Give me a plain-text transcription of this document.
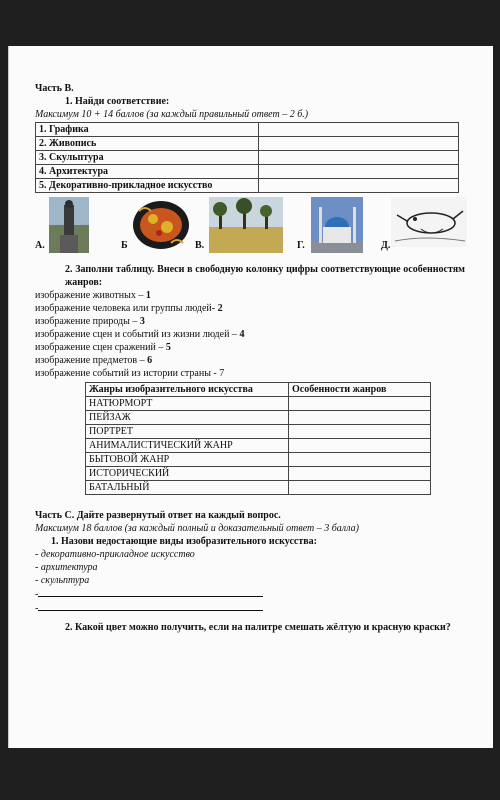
Часть В.
1. Найди соответствие:
Максимум 10 + 14 баллов (за каждый правильный ответ – 2 б.)
1. Графика	
2. Живопись	
3. Скульптура	
4. Архитектура	
5. Декоративно-прикладное искусство	
А.	Б	В.	Г.	Д.

2. Заполни таблицу. Внеси в свободную колонку цифры соответствующие особенностям жанров:

изображение животных – 1
изображение человека или группы людей- 2
изображение природы – 3
изображение сцен и событий из жизни людей – 4
изображение сцен сражений – 5
изображение предметов – 6
изображение событий из истории страны - 7
Жанры изобразительного искусства	Особенности жанров
НАТЮРМОРТ	
ПЕЙЗАЖ	
ПОРТРЕТ	
АНИМАЛИСТИЧЕСКИЙ ЖАНР	
БЫТОВОЙ ЖАНР	
ИСТОРИЧЕСКИЙ	
БАТАЛЬНЫЙ	
Часть С. Дайте развернутый ответ на каждый вопрос.
Максимум 18 баллов (за каждый полный и доказательный ответ – 3 балла)
1. Назови недостающие виды изобразительного искусства:
- декоративно-прикладное искусство
- архитектура
- скульптура
-
-

2. Какой цвет можно получить, если на палитре смешать жёлтую и красную краски?
